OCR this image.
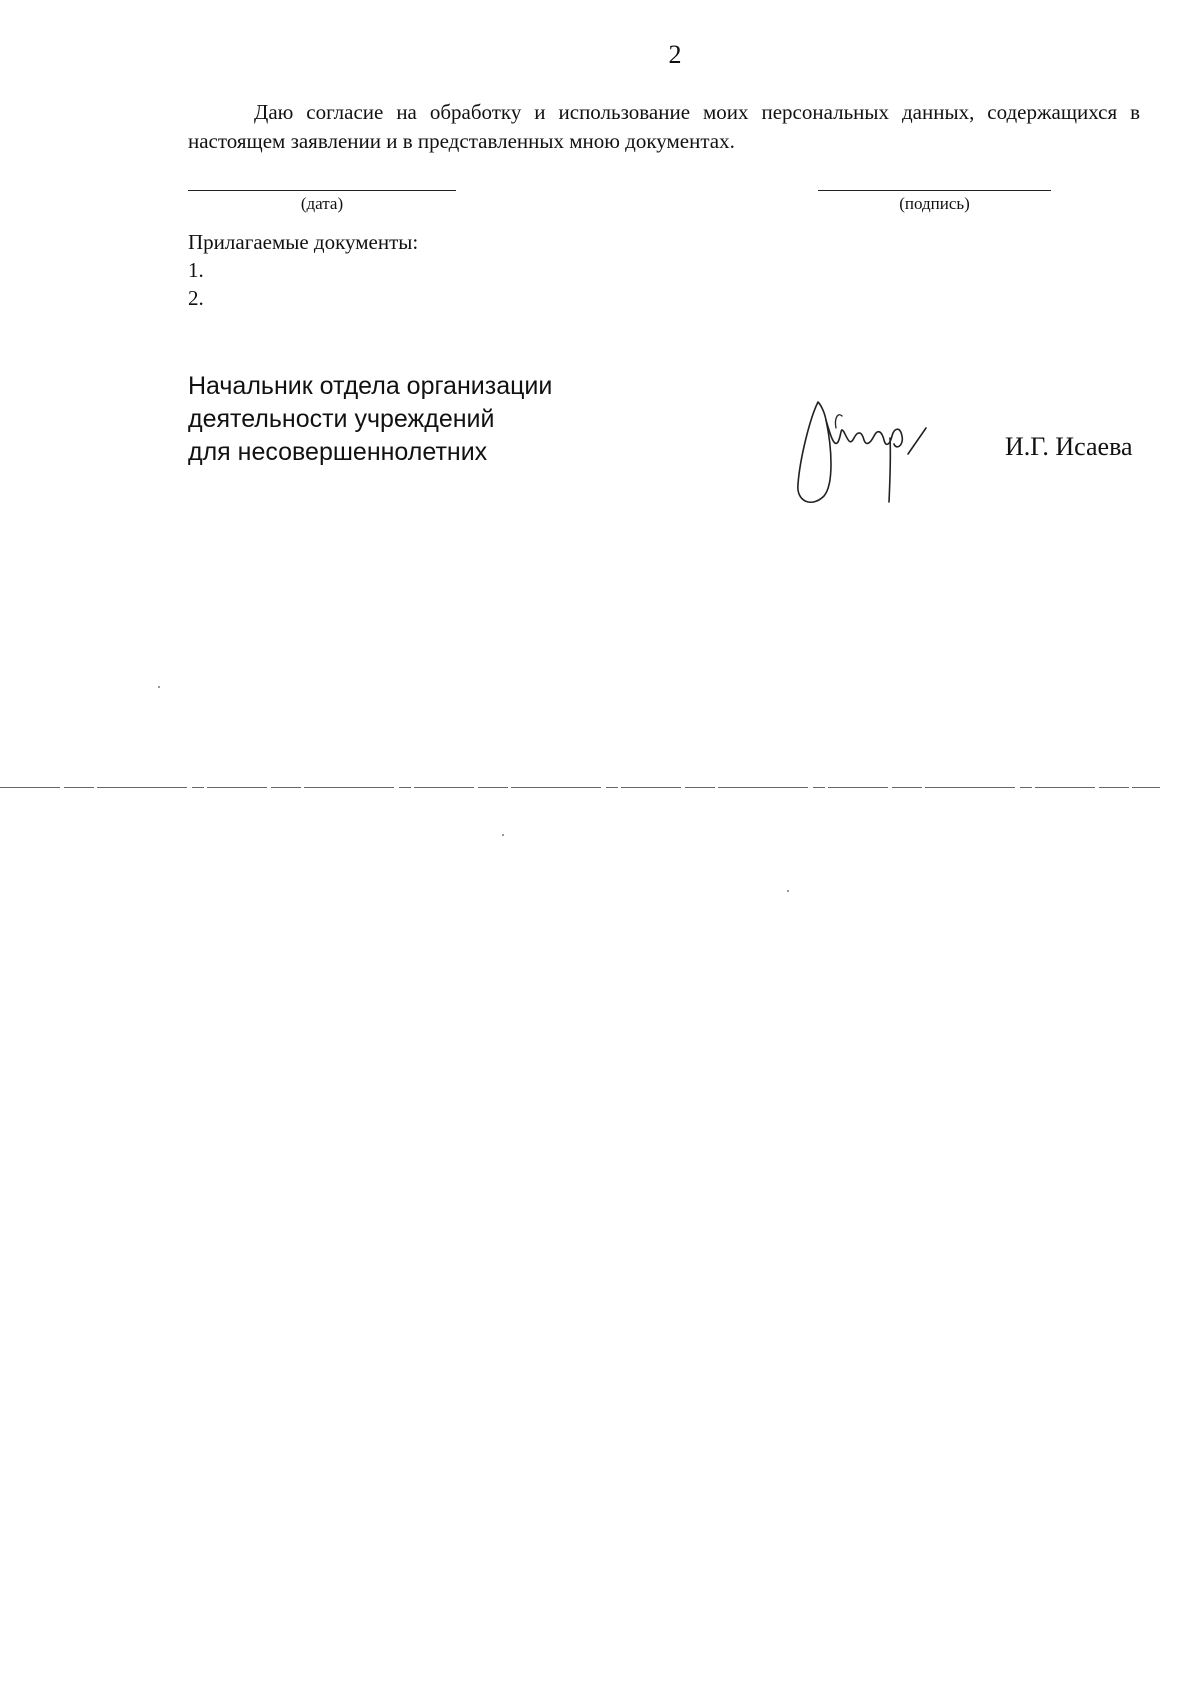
2

Даю согласие на обработку и использование моих персональных данных, содержащихся в настоящем заявлении и в представленных мною документах.

(дата)	(подпись)
Прилагаемые документы:
1.
2.
Начальник отдела организации
деятельности учреждений
для несовершеннолетних	И.Г. Исаева
